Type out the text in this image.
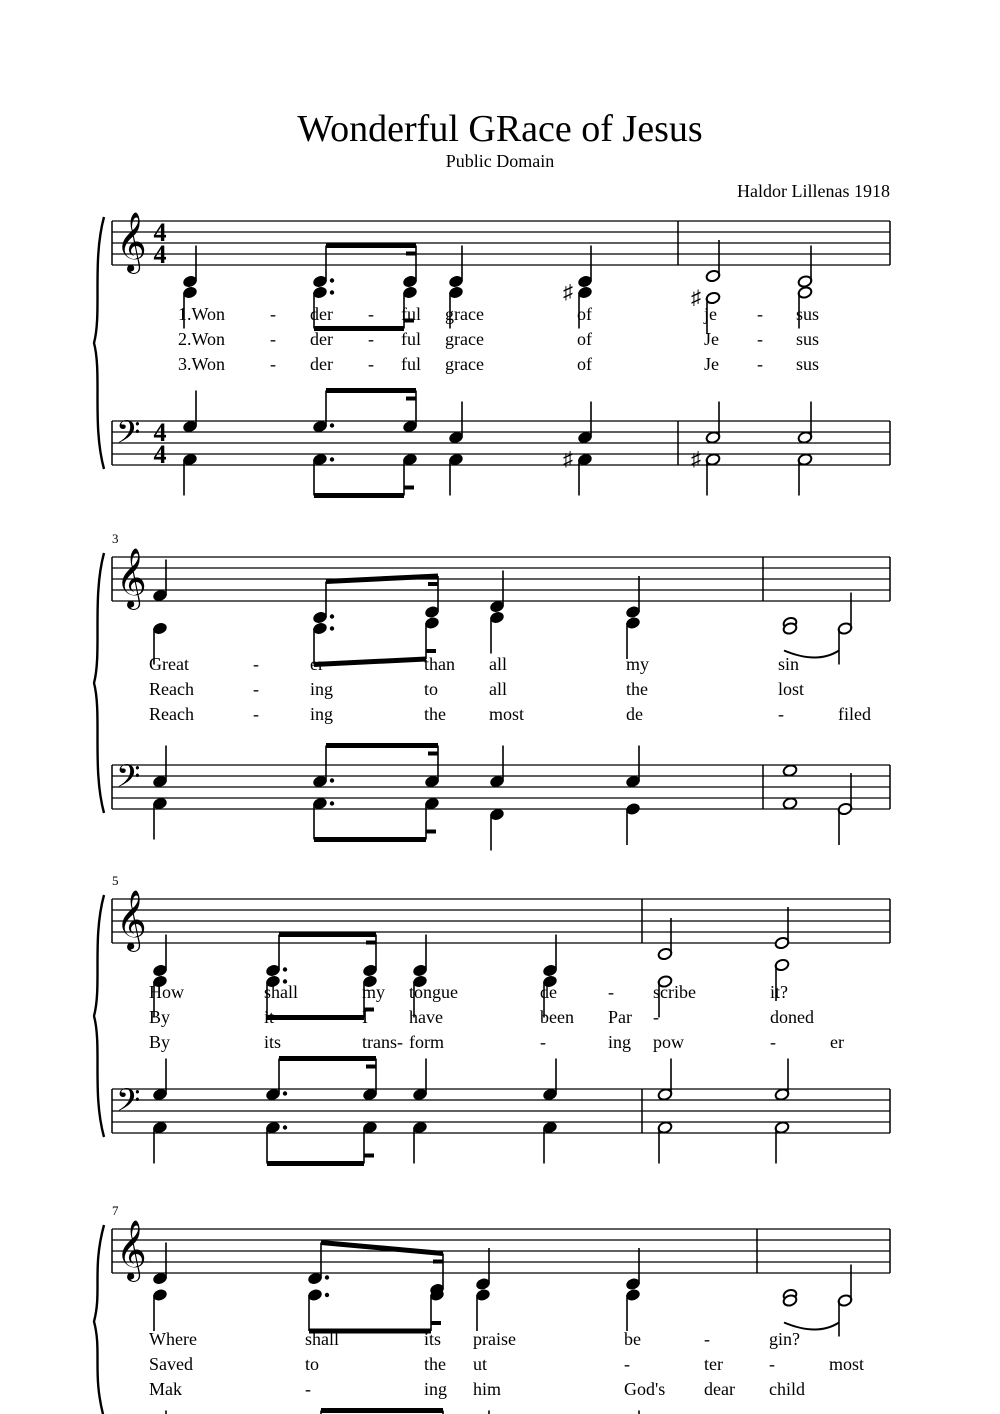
Wonderful GRace of Jesus
Public Domain
Haldor Lillenas 1918
𝄞
𝄢
4
4
4
4
♯
♯
♯
♯
1.Won - der - ful grace	of	je - sus
2.Won - der - ful grace	of	Je - sus
3.Won - der - ful grace	of	Je - sus
𝄞
𝄢
3
Great	-	er	than all	my	sin
Reach	-	ing	to	all	the	lost
Reach	-	ing	the most	de	-	filed
𝄞
𝄢
5
How	shall	my tongue	de	- scribe	it?
By	it	I have	been Par -	doned
By	its	trans- form	-	ing pow	-	er
𝄞
7
Where	shall	its praise	be	-	gin?
Saved	to	the ut	-	ter	-	most
Mak	-	ing him	God's dear child
